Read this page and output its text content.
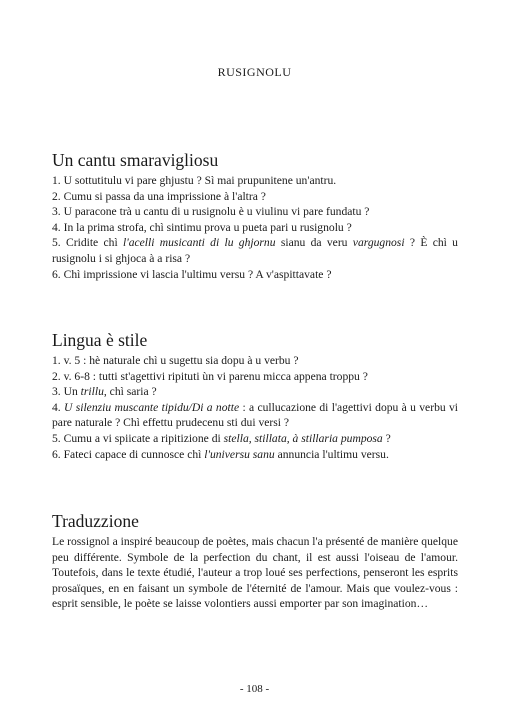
RUSIGNOLU
Un cantu smaravigliosu

1. U sottutitulu vi pare ghjustu ? Sì mai prupunitene un'antru.

2. Cumu si passa da una imprissione à l'altra ?

3. U paracone trà u cantu di u rusignolu è u viulinu vi pare fundatu ?

4. In la prima strofa, chì sintimu prova u pueta pari u rusignolu ?

5. Cridite chì l'acelli musicanti di lu ghjornu sianu da veru vargugnosi ? È chì u rusignolu i si ghjoca à a risa ?

6. Chì imprissione vi lascia l'ultimu versu ? A v'aspittavate ?

Lingua è stile

1. v. 5 : hè naturale chì u sugettu sia dopu à u verbu ?

2. v. 6-8 : tutti st'agettivi ripituti ùn vi parenu micca appena troppu ?

3. Un trillu, chì saria ?

4. U silenziu muscante tipidu/Di a notte : a cullucazione di l'agettivi dopu à u verbu vi pare naturale ? Chì effettu prudecenu sti dui versi ?

5. Cumu a vi spiicate a ripitizione di stella, stillata, à stillaria pumposa ?

6. Fateci capace di cunnosce chì l'universu sanu annuncia l'ultimu versu.

Traduzzione

Le rossignol a inspiré beaucoup de poètes, mais chacun l'a présenté de manière quelque peu différente. Symbole de la perfection du chant, il est aussi l'oiseau de l'amour. Toutefois, dans le texte étudié, l'auteur a trop loué ses perfections, penseront les esprits prosaïques, en en faisant un symbole de l'éternité de l'amour. Mais que voulez-vous : esprit sensible, le poète se laisse volontiers aussi emporter par son imagination…

- 108 -
